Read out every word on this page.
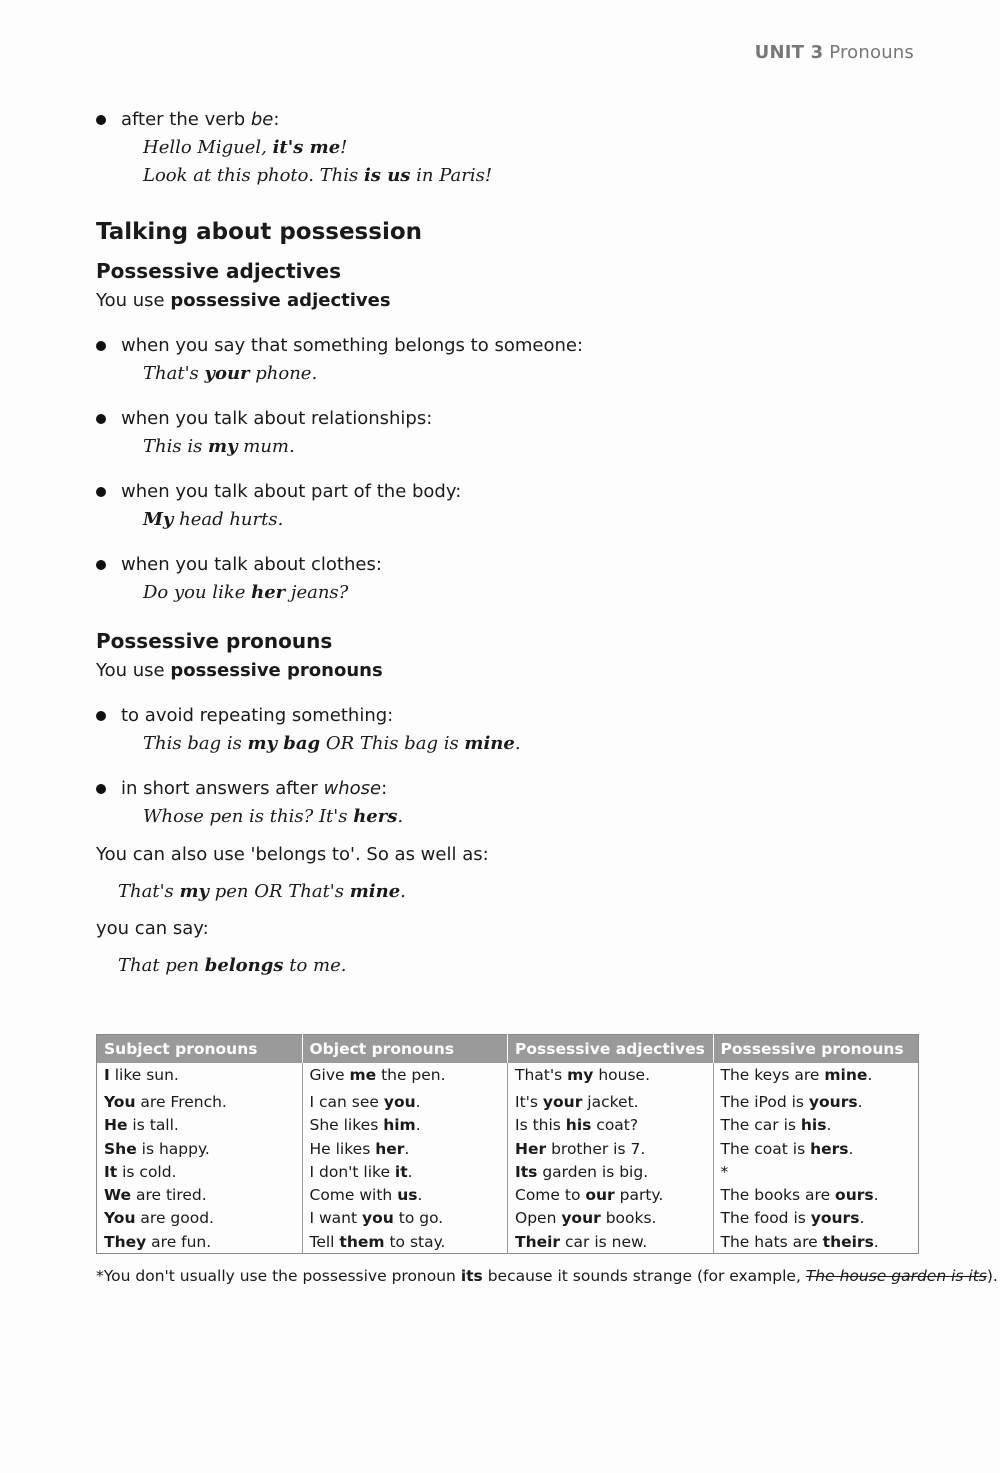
UNIT 3 Pronouns
after the verb be:
Hello Miguel, it's me!
Look at this photo. This is us in Paris!
Talking about possession
Possessive adjectives
You use possessive adjectives
when you say that something belongs to someone:
That's your phone.
when you talk about relationships:
This is my mum.
when you talk about part of the body:
My head hurts.
when you talk about clothes:
Do you like her jeans?
Possessive pronouns
You use possessive pronouns
to avoid repeating something:
This bag is my bag OR This bag is mine.
in short answers after whose:
Whose pen is this? It's hers.
You can also use 'belongs to'. So as well as:
That's my pen OR That's mine.
you can say:
That pen belongs to me.
Subject pronouns	Object pronouns	Possessive adjectives	Possessive pronouns
I like sun.	Give me the pen.	That's my house.	The keys are mine.
You are French.	I can see you.	It's your jacket.	The iPod is yours.
He is tall.	She likes him.	Is this his coat?	The car is his.
She is happy.	He likes her.	Her brother is 7.	The coat is hers.
It is cold.	I don't like it.	Its garden is big.	*
We are tired.	Come with us.	Come to our party.	The books are ours.
You are good.	I want you to go.	Open your books.	The food is yours.
They are fun.	Tell them to stay.	Their car is new.	The hats are theirs.
*You don't usually use the possessive pronoun its because it sounds strange (for example, The house garden is its).
